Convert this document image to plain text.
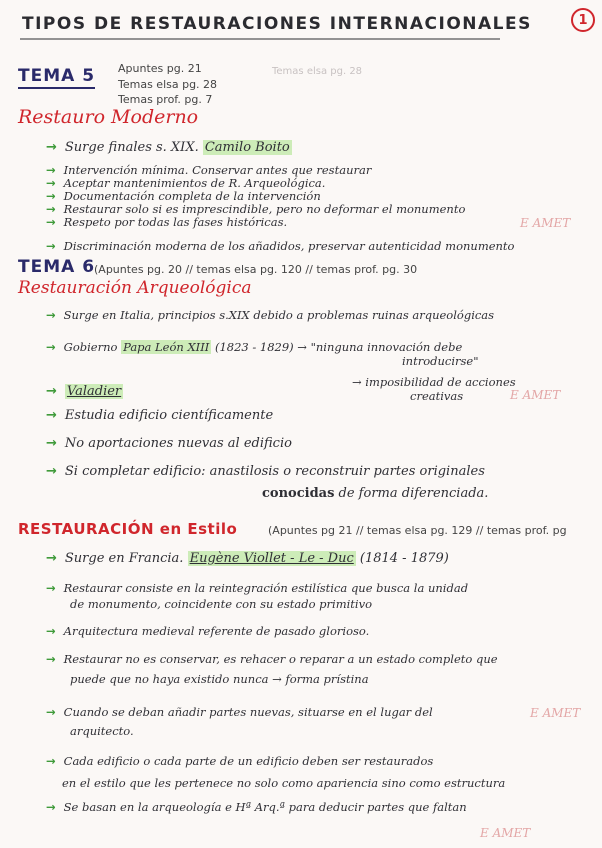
TIPOS DE RESTAURACIONES INTERNACIONALES	1
TEMA 5 Apuntes pg. 21
Temas elsa pg. 28
Temas prof. pg. 7
Temas elsa pg. 28
Restauro Moderno
→ Surge finales s. XIX.
Camilo Boito
→ Intervención mínima. Conservar antes que restaurar
→ Aceptar mantenimientos de R. Arqueológica.
→ Documentación completa de la intervención
→ Restaurar solo si es imprescindible, pero no deformar el monumento
→ Respeto por todas las fases históricas.	E AMET
→ Discriminación moderna de los añadidos, preservar autenticidad monumento
TEMA 6
(Apuntes pg. 20 // temas elsa pg. 120 // temas prof. pg. 30
Restauración Arqueológica
→ Surge en Italia, principios s.XIX debido a problemas ruinas arqueológicas
→ Gobierno
Papa León XIII
(1823 - 1829) → "ninguna innovación debe
introducirse"
→ imposibilidad de acciones
creativas	E AMET
→ Valadier
→ Estudia edificio científicamente
→ No aportaciones nuevas al edificio
→ Si completar edificio: anastilosis o reconstruir partes originales
conocidas de forma diferenciada.
RESTAURACIÓN en Estilo	(Apuntes pg 21 // temas elsa pg. 129 // temas prof. pg
→ Surge en Francia.
Eugène Viollet - Le - Duc
(1814 - 1879)
→ Restaurar consiste en la reintegración estilística que busca la unidad
de monumento, coincidente con su estado primitivo
→ Arquitectura medieval referente de pasado glorioso.
→ Restaurar no es conservar, es rehacer o reparar a un estado completo que
puede que no haya existido nunca → forma prístina
E AMET
→ Cuando se deban añadir partes nuevas, situarse en el lugar del
arquitecto.
→ Cada edificio o cada parte de un edificio deben ser restaurados
en el estilo que les pertenece no solo como apariencia sino como estructura
→ Se basan en la arqueología e Hª Arq.ª para deducir partes que faltan
E AMET
